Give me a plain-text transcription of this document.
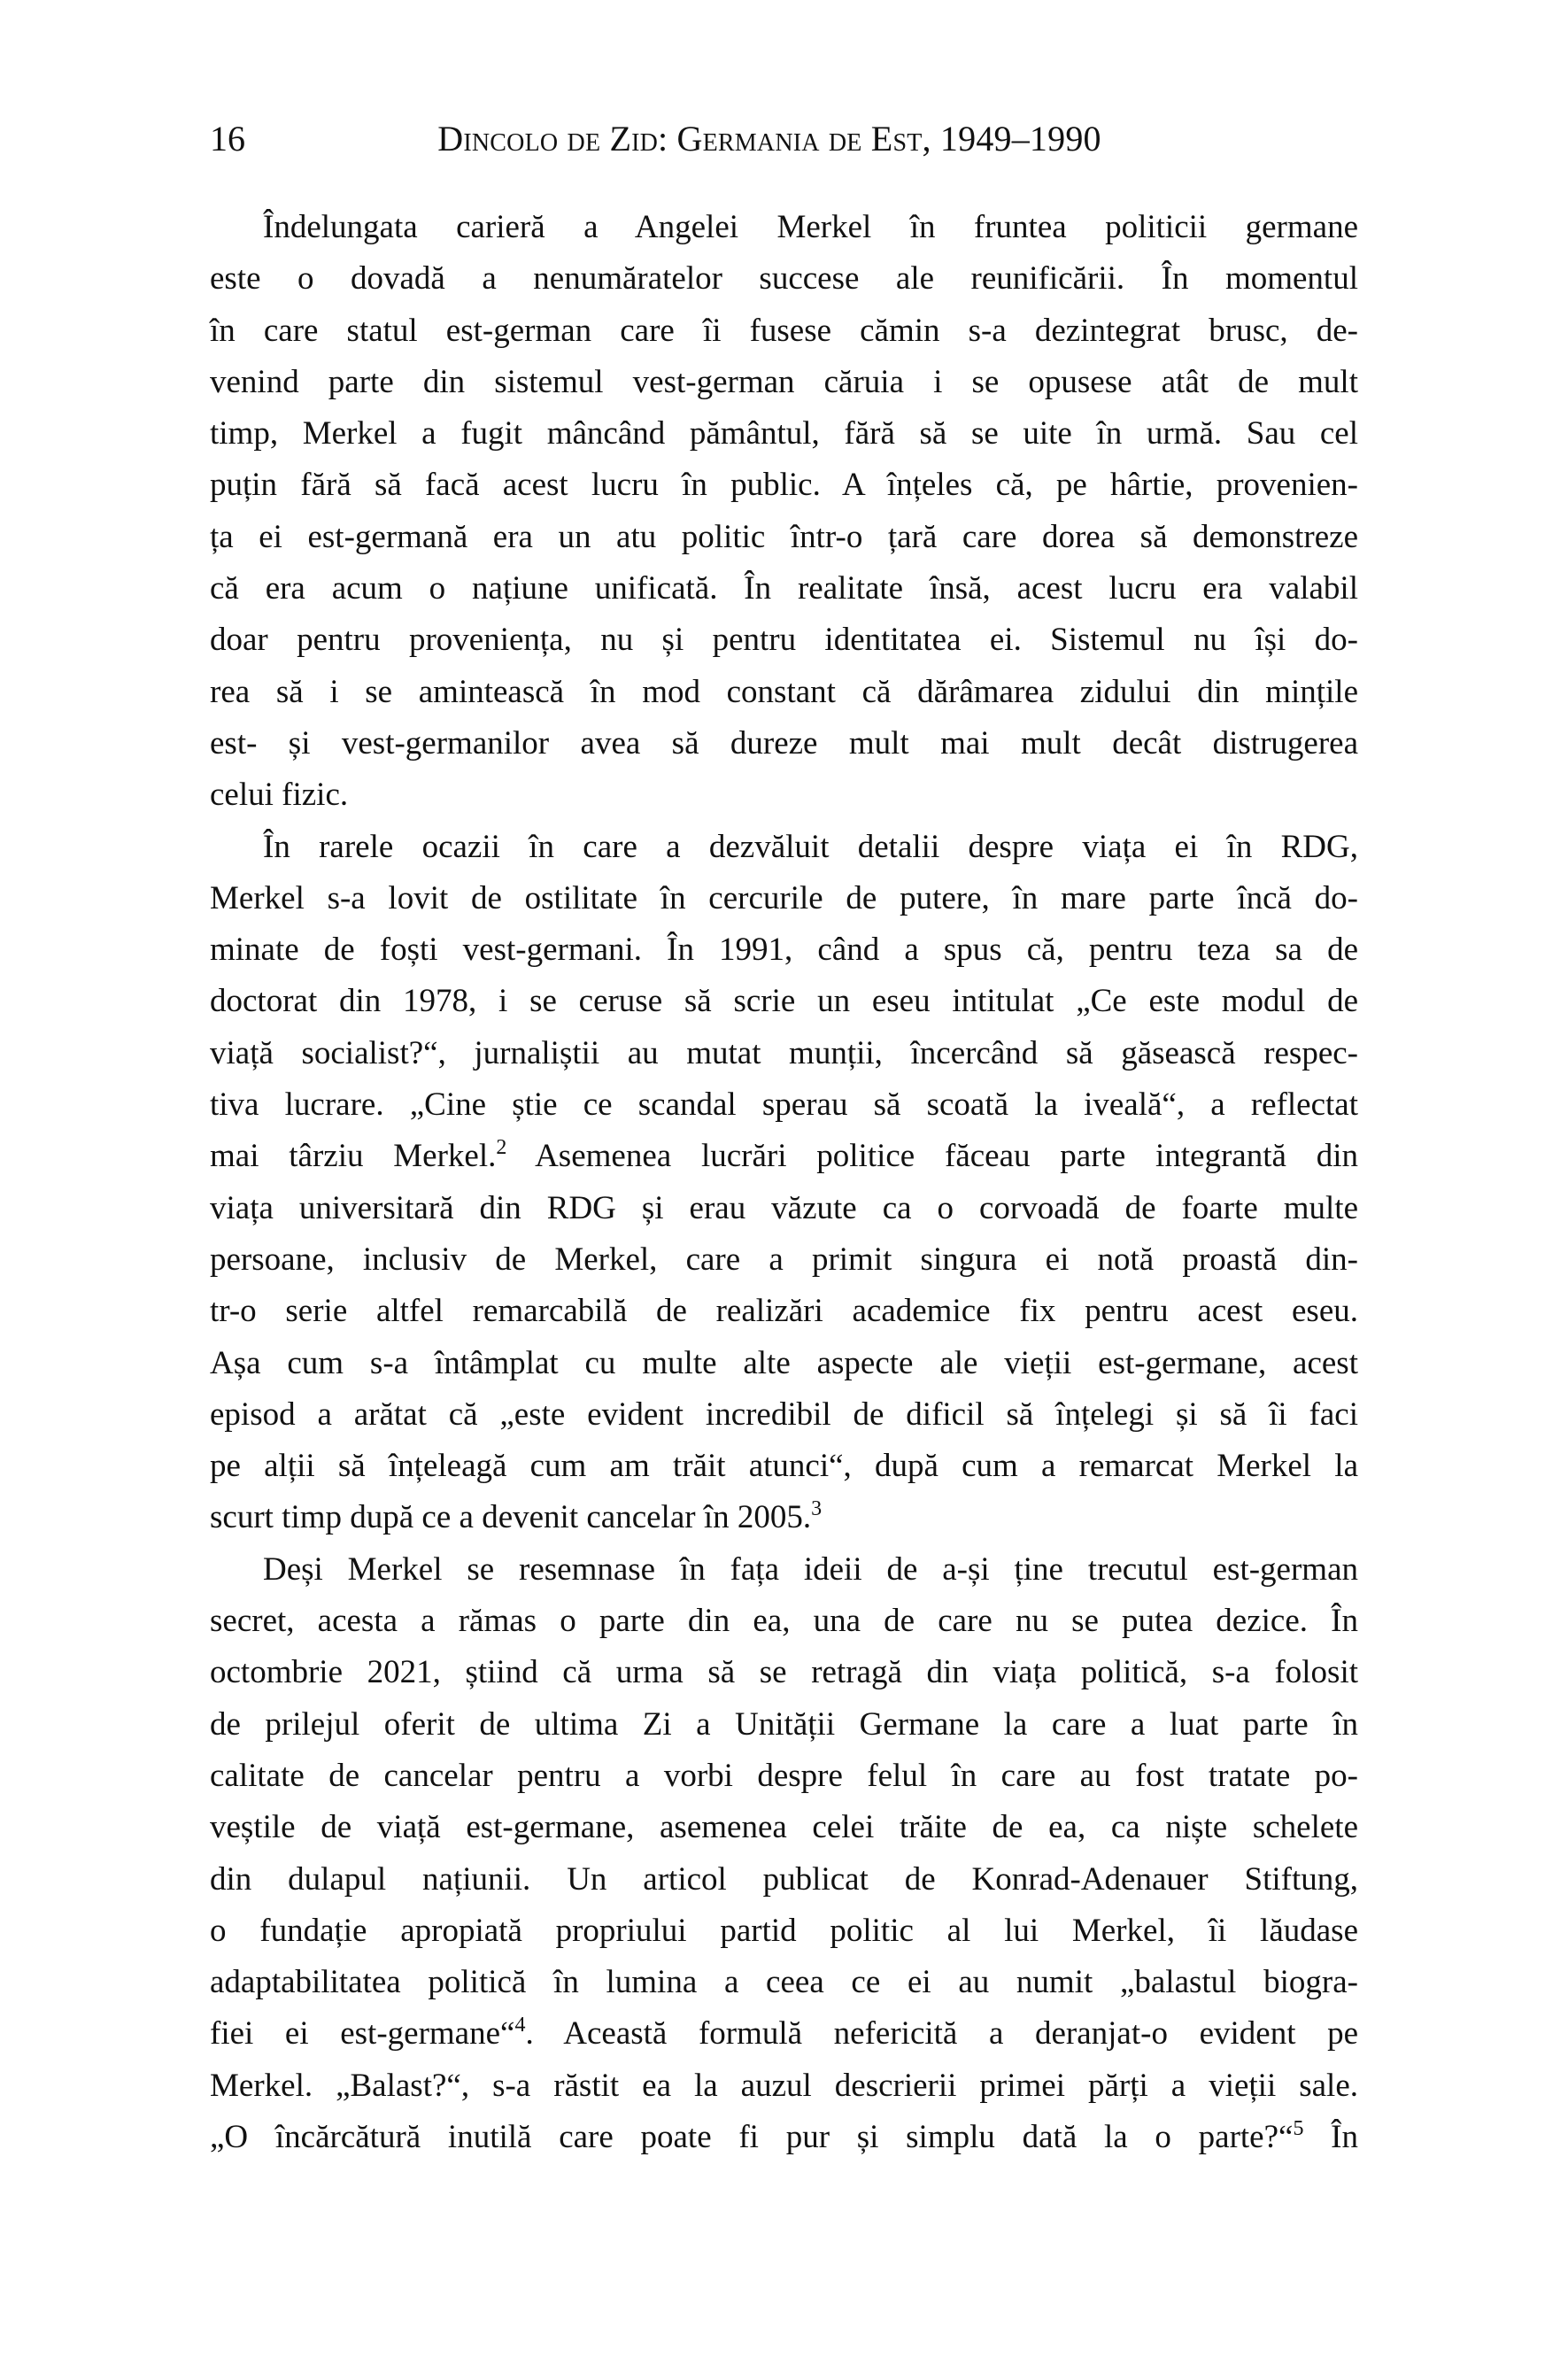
16	Dincolo de Zid: Germania de Est, 1949–1990
Îndelungata carieră a Angelei Merkel în fruntea politicii germane
este o dovadă a nenumăratelor succese ale reunificării. În momentul
în care statul est-german care îi fusese cămin s-a dezintegrat brusc, de-
venind parte din sistemul vest-german căruia i se opusese atât de mult
timp, Merkel a fugit mâncând pământul, fără să se uite în urmă. Sau cel
puțin fără să facă acest lucru în public. A înțeles că, pe hârtie, provenien-
ța ei est-germană era un atu politic într-o țară care dorea să demonstreze
că era acum o națiune unificată. În realitate însă, acest lucru era valabil
doar pentru proveniența, nu și pentru identitatea ei. Sistemul nu își do-
rea să i se amintească în mod constant că dărâmarea zidului din mințile
est- și vest-germanilor avea să dureze mult mai mult decât distrugerea
celui fizic.
În rarele ocazii în care a dezvăluit detalii despre viața ei în RDG,
Merkel s-a lovit de ostilitate în cercurile de putere, în mare parte încă do-
minate de foști vest-germani. În 1991, când a spus că, pentru teza sa de
doctorat din 1978, i se ceruse să scrie un eseu intitulat „Ce este modul de
viață socialist?“, jurnaliștii au mutat munții, încercând să găsească respec-
tiva lucrare. „Cine știe ce scandal sperau să scoată la iveală“, a reflectat
mai târziu Merkel.$^2$ Asemenea lucrări politice făceau parte integrantă din
viața universitară din RDG și erau văzute ca o corvoadă de foarte multe
persoane, inclusiv de Merkel, care a primit singura ei notă proastă din-
tr-o serie altfel remarcabilă de realizări academice fix pentru acest eseu.
Așa cum s-a întâmplat cu multe alte aspecte ale vieții est-germane, acest
episod a arătat că „este evident incredibil de dificil să înțelegi și să îi faci
pe alții să înțeleagă cum am trăit atunci“, după cum a remarcat Merkel la
scurt timp după ce a devenit cancelar în 2005.$^3$
Deși Merkel se resemnase în fața ideii de a-și ține trecutul est-german
secret, acesta a rămas o parte din ea, una de care nu se putea dezice. În
octombrie 2021, știind că urma să se retragă din viața politică, s-a folosit
de prilejul oferit de ultima Zi a Unității Germane la care a luat parte în
calitate de cancelar pentru a vorbi despre felul în care au fost tratate po-
veștile de viață est-germane, asemenea celei trăite de ea, ca niște schelete
din dulapul națiunii. Un articol publicat de Konrad-Adenauer Stiftung,
o fundație apropiată propriului partid politic al lui Merkel, îi lăudase
adaptabilitatea politică în lumina a ceea ce ei au numit „balastul biogra-
fiei ei est-germane“$^4$. Această formulă nefericită a deranjat-o evident pe
Merkel. „Balast?“, s-a răstit ea la auzul descrierii primei părți a vieții sale.
„O încărcătură inutilă care poate fi pur și simplu dată la o parte?“$^5$ În
